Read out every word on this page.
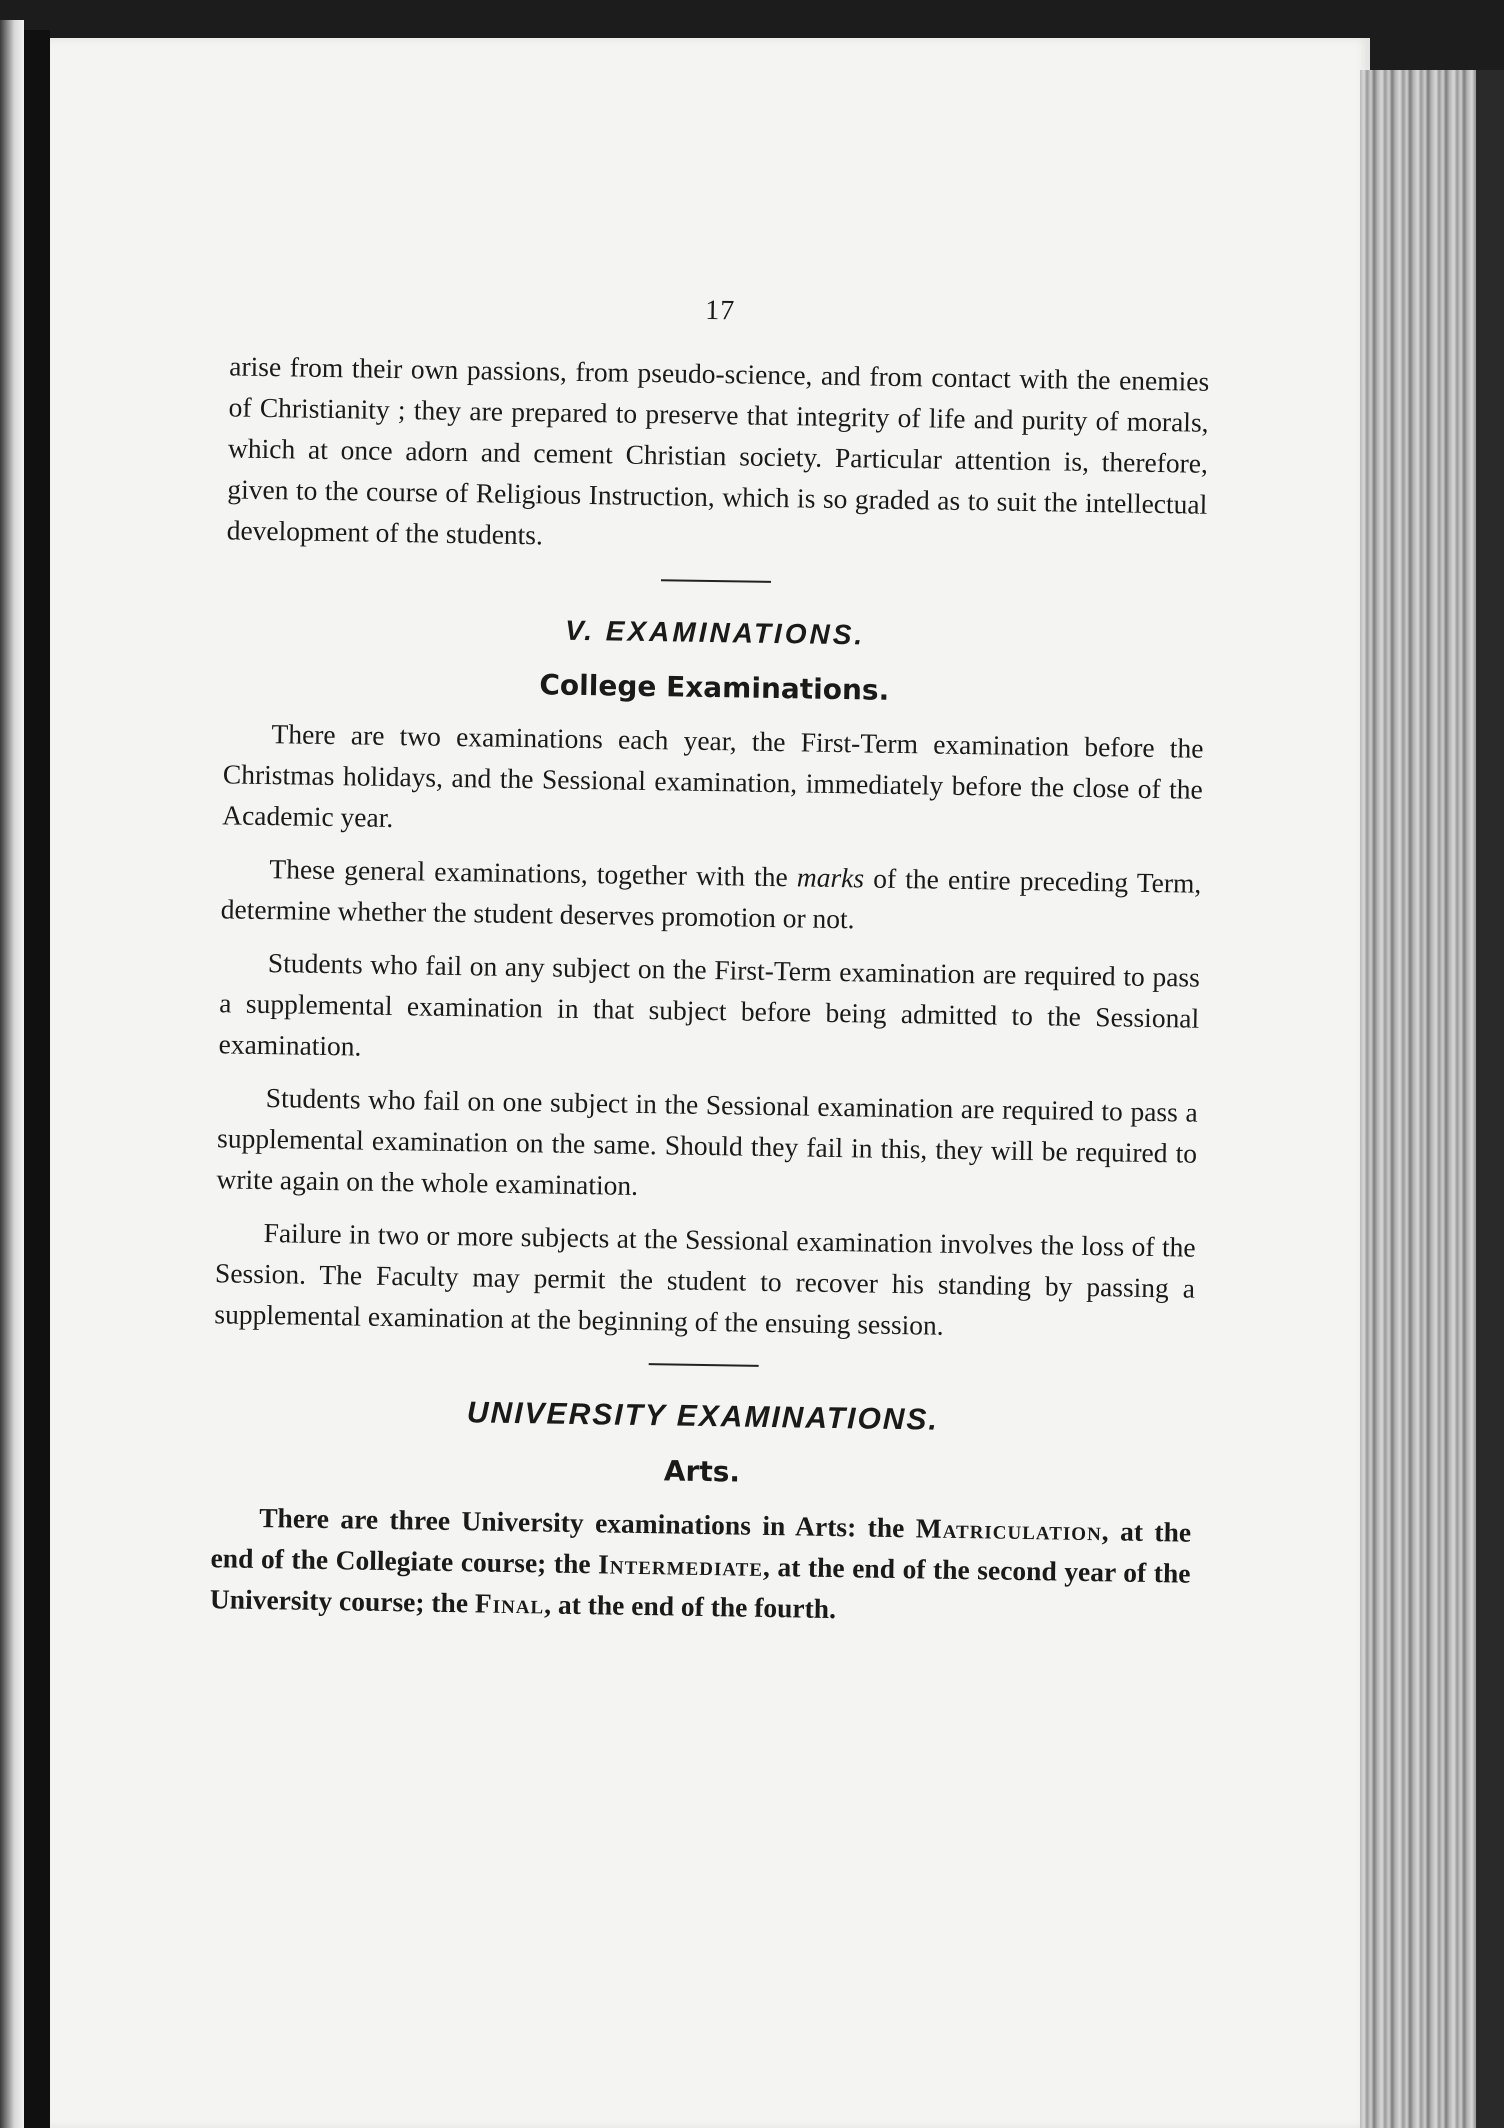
17

arise from their own passions, from pseudo-science, and from contact with the enemies of Christianity ; they are prepared to preserve that integrity of life and purity of morals, which at once adorn and cement Christian society. Particular attention is, therefore, given to the course of Religious Instruction, which is so graded as to suit the intellectual development of the students.

V. EXAMINATIONS.
College Examinations.

There are two examinations each year, the First-Term examination before the Christmas holidays, and the Sessional examination, immediately before the close of the Academic year.

These general examinations, together with the marks of the entire preceding Term, determine whether the student deserves promotion or not.

Students who fail on any subject on the First-Term examination are required to pass a supplemental examination in that subject before being admitted to the Sessional examination.

Students who fail on one subject in the Sessional examination are required to pass a supplemental examination on the same. Should they fail in this, they will be required to write again on the whole examination.

Failure in two or more subjects at the Sessional examination involves the loss of the Session. The Faculty may permit the student to recover his standing by passing a supplemental examination at the beginning of the ensuing session.

UNIVERSITY EXAMINATIONS.
Arts.

There are three University examinations in Arts: the Matriculation, at the end of the Collegiate course; the Intermediate, at the end of the second year of the University course; the Final, at the end of the fourth.
